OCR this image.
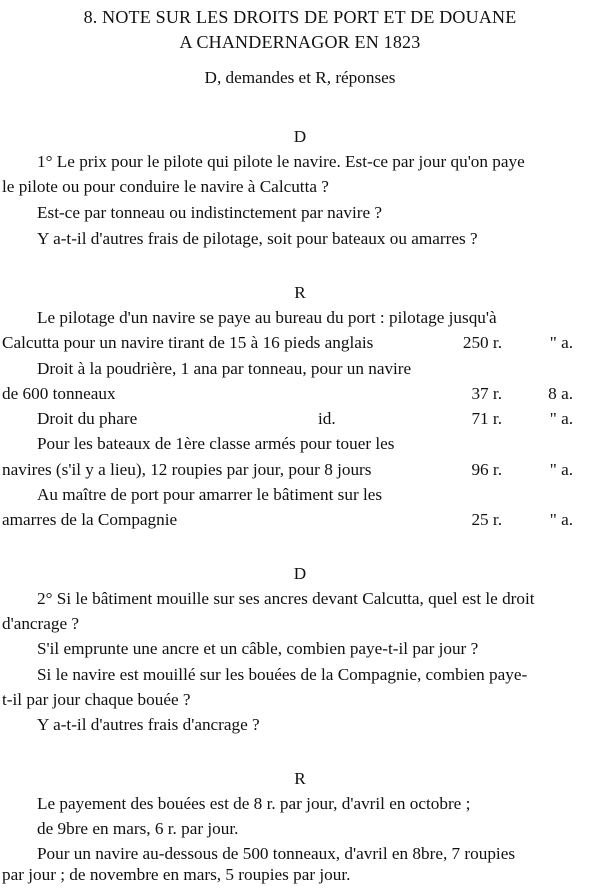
8. NOTE SUR LES DROITS DE PORT ET DE DOUANE
A CHANDERNAGOR EN 1823
D, demandes et R, réponses
D
1° Le prix pour le pilote qui pilote le navire. Est-ce par jour qu'on paye
le pilote ou pour conduire le navire à Calcutta ?
Est-ce par tonneau ou indistinctement par navire ?
Y a-t-il d'autres frais de pilotage, soit pour bateaux ou amarres ?
R
Le pilotage d'un navire se paye au bureau du port : pilotage jusqu'à
Calcutta pour un navire tirant de 15 à 16 pieds anglais	250 r.	" a.
Droit à la poudrière, 1 ana par tonneau, pour un navire
de 600 tonneaux	37 r.	8 a.
Droit du phare	id.	71 r.	" a.
Pour les bateaux de 1ère classe armés pour touer les
navires (s'il y a lieu), 12 roupies par jour, pour 8 jours	96 r.	" a.
Au maître de port pour amarrer le bâtiment sur les
amarres de la Compagnie	25 r.	" a.
D
2° Si le bâtiment mouille sur ses ancres devant Calcutta, quel est le droit
d'ancrage ?
S'il emprunte une ancre et un câble, combien paye-t-il par jour ?
Si le navire est mouillé sur les bouées de la Compagnie, combien paye-
t-il par jour chaque bouée ?
Y a-t-il d'autres frais d'ancrage ?
R
Le payement des bouées est de 8 r. par jour, d'avril en octobre ;
de 9bre en mars, 6 r. par jour.
Pour un navire au-dessous de 500 tonneaux, d'avril en 8bre, 7 roupies
par jour ; de novembre en mars, 5 roupies par jour.
